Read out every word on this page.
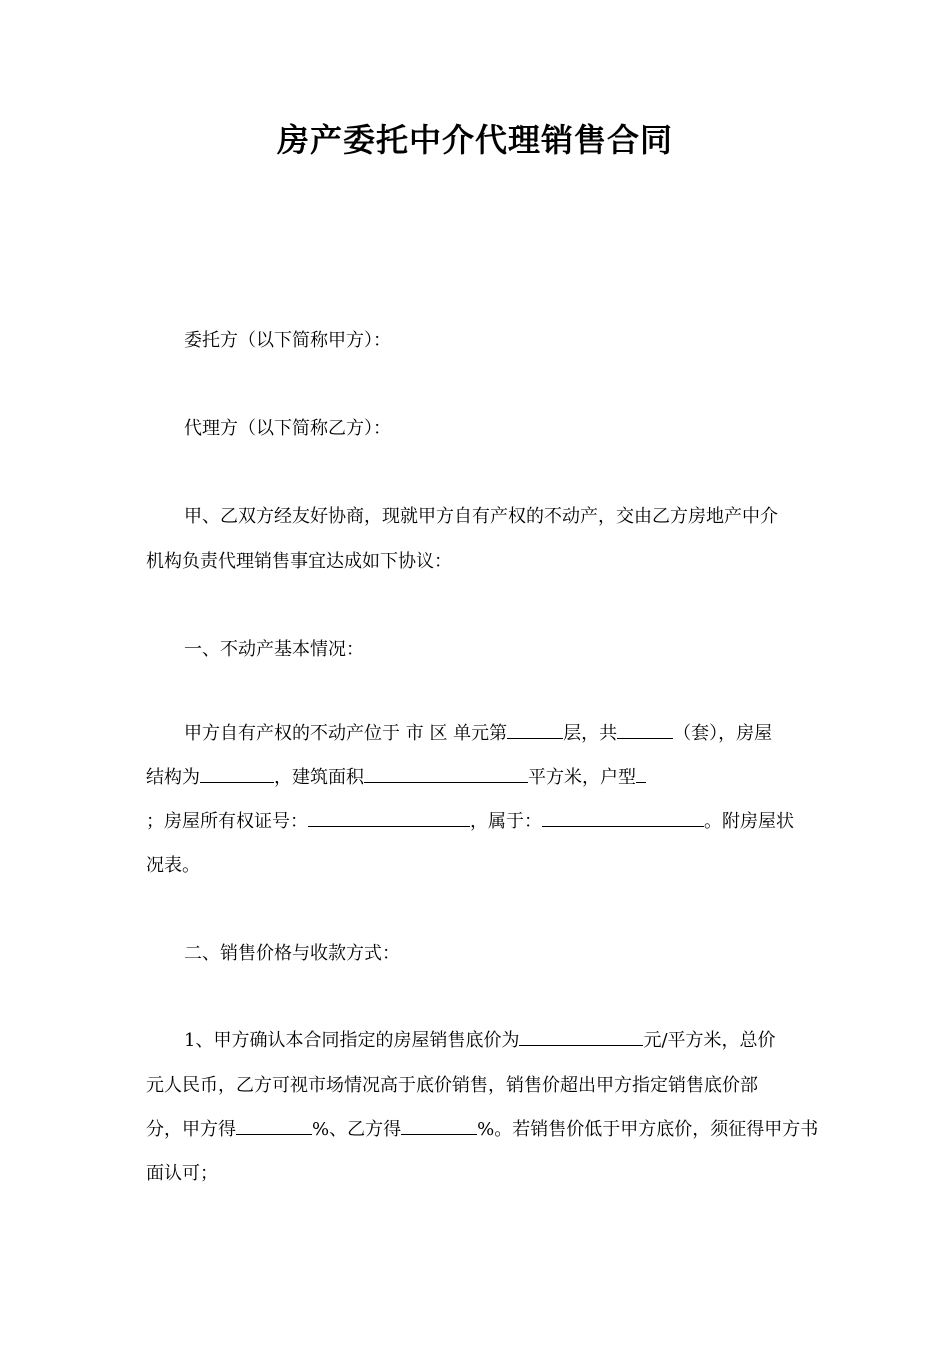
房产委托中介代理销售合同
委托方（以下简称甲方）：
代理方（以下简称乙方）：
甲、乙双方经友好协商，现就甲方自有产权的不动产，交由乙方房地产中介
机构负责代理销售事宜达成如下协议：
一、不动产基本情况：
甲方自有产权的不动产位于 市 区 单元第	层，共	（套），房屋
结构为	，建筑面积	平方米，户型
；房屋所有权证号：	，属于：	。附房屋状
况表。
二、销售价格与收款方式：
1、甲方确认本合同指定的房屋销售底价为	元/平方米，总价
元人民币，乙方可视市场情况高于底价销售，销售价超出甲方指定销售底价部
分，甲方得	%、乙方得	%。若销售价低于甲方底价，须征得甲方书
面认可；
